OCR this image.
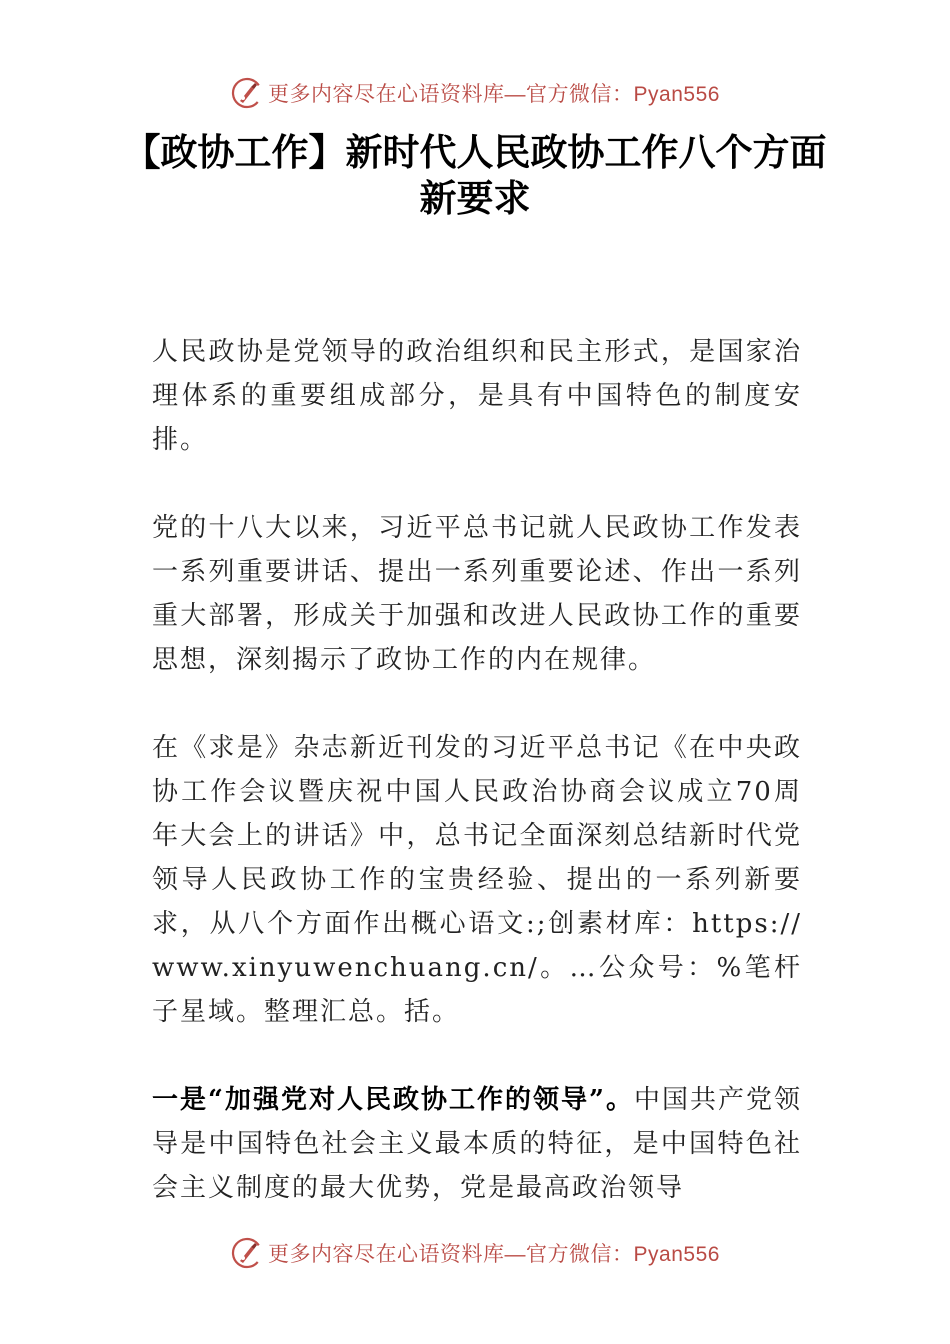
更多内容尽在心语资料库—官方微信：Pyan556
【政协工作】新时代人民政协工作八个方面新要求

人民政协是党领导的政治组织和民主形式，是国家治理体系的重要组成部分，是具有中国特色的制度安排。

党的十八大以来，习近平总书记就人民政协工作发表一系列重要讲话、提出一系列重要论述、作出一系列重大部署，形成关于加强和改进人民政协工作的重要思想，深刻揭示了政协工作的内在规律。

在《求是》杂志新近刊发的习近平总书记《在中央政协工作会议暨庆祝中国人民政治协商会议成立70周年大会上的讲话》中，总书记全面深刻总结新时代党领导人民政协工作的宝贵经验、提出的一系列新要求，从八个方面作出概心语文:;创素材库：https://www.xinyuwenchuang.cn/。…公众号：%笔杆子星域。整理汇总。括。

一是“加强党对人民政协工作的领导”。中国共产党领导是中国特色社会主义最本质的特征，是中国特色社会主义制度的最大优势，党是最高政治领导

更多内容尽在心语资料库—官方微信：Pyan556
